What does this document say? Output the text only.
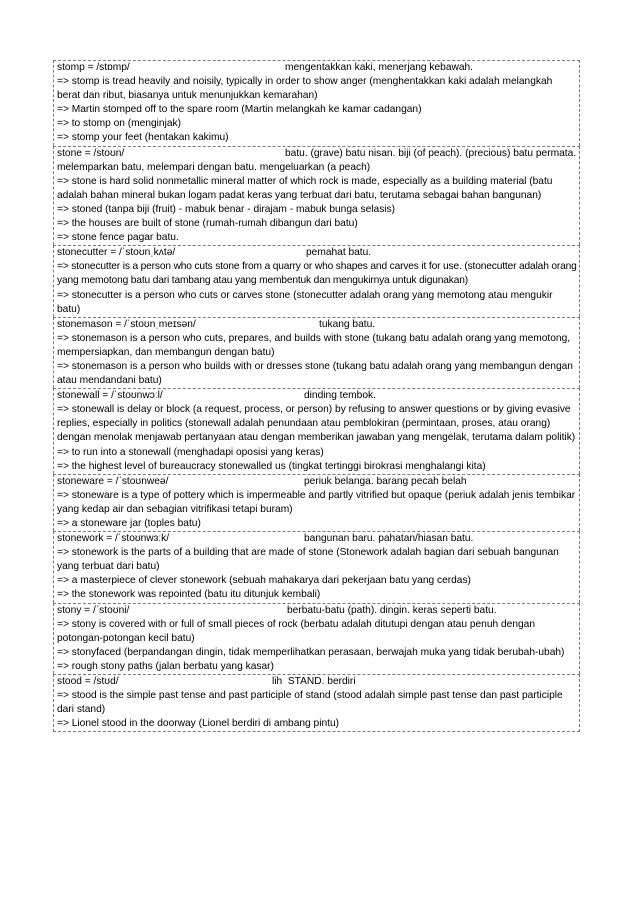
stomp = /stɒmp/	mengentakkan kaki, menerjang kebawah.
=> stomp is tread heavily and noisily, typically in order to show anger (menghentakkan kaki adalah melangkah berat dan ribut, biasanya untuk menunjukkan kemarahan)
=> Martin stomped off to the spare room (Martin melangkah ke kamar cadangan)
=> to stomp on (menginjak)
=> stomp your feet (hentakan kakimu)
stone = /stoʊn/	batu. (grave) batu nisan. biji (of peach). (precious) batu permata. melemparkan batu, melempari dengan batu. mengeluarkan (a peach)
=> stone is hard solid nonmetallic mineral matter of which rock is made, especially as a building material (batu adalah bahan mineral bukan logam padat keras yang terbuat dari batu, terutama sebagai bahan bangunan)
=> stoned (tanpa biji (fruit) - mabuk benar - dirajam - mabuk bunga selasis)
=> the houses are built of stone (rumah-rumah dibangun dari batu)
=> stone fence pagar batu.
stonecutter = /ˈstoʊnˌkʌtə/	pemahat batu.
=> stonecutter is a person who cuts stone from a quarry or who shapes and carves it for use. (stonecutter adalah orang yang memotong batu dari tambang atau yang membentuk dan mengukirnya untuk digunakan)
=> stonecutter is a person who cuts or carves stone (stonecutter adalah orang yang memotong atau mengukir batu)
stonemason = /ˈstoʊnˌmeɪsən/	tukang batu.
=> stonemason is a person who cuts, prepares, and builds with stone (tukang batu adalah orang yang memotong, mempersiapkan, dan membangun dengan batu)
=> stonemason is a person who builds with or dresses stone (tukang batu adalah orang yang membangun dengan atau mendandani batu)
stonewall = /ˈstoʊnwɔːl/	dinding tembok.
=> stonewall is delay or block (a request, process, or person) by refusing to answer questions or by giving evasive replies, especially in politics (stonewall adalah penundaan atau pemblokiran (permintaan, proses, atau orang) dengan menolak menjawab pertanyaan atau dengan memberikan jawaban yang mengelak, terutama dalam politik)
=> to run into a stonewall (menghadapi oposisi yang keras)
=> the highest level of bureaucracy stonewalled us (tingkat tertinggi birokrasi menghalangi kita)
stoneware = /ˈstoʊnweə/	periuk belanga. barang pecah belah
=> stoneware is a type of pottery which is impermeable and partly vitrified but opaque (periuk adalah jenis tembikar yang kedap air dan sebagian vitrifikasi tetapi buram)
=> a stoneware jar (toples batu)
stonework = /ˈstoʊnwɜːk/	bangunan baru. pahatan/hiasan batu.
=> stonework is the parts of a building that are made of stone (Stonework adalah bagian dari sebuah bangunan yang terbuat dari batu)
=> a masterpiece of clever stonework (sebuah mahakarya dari pekerjaan batu yang cerdas)
=> the stonework was repointed (batu itu ditunjuk kembali)
stony = /ˈstoʊni/	berbatu-batu (path). dingin. keras seperti batu.
=> stony is covered with or full of small pieces of rock (berbatu adalah ditutupi dengan atau penuh dengan potongan-potongan kecil batu)
=> stonyfaced (berpandangan dingin, tidak memperlihatkan perasaan, berwajah muka yang tidak berubah-ubah)
=> rough stony paths (jalan berbatu yang kasar)
stood = /stʊd/	lih  STAND. berdiri
=> stood is the simple past tense and past participle of stand (stood adalah simple past tense dan past participle dari stand)
=> Lionel stood in the doorway (Lionel berdiri di ambang pintu)
